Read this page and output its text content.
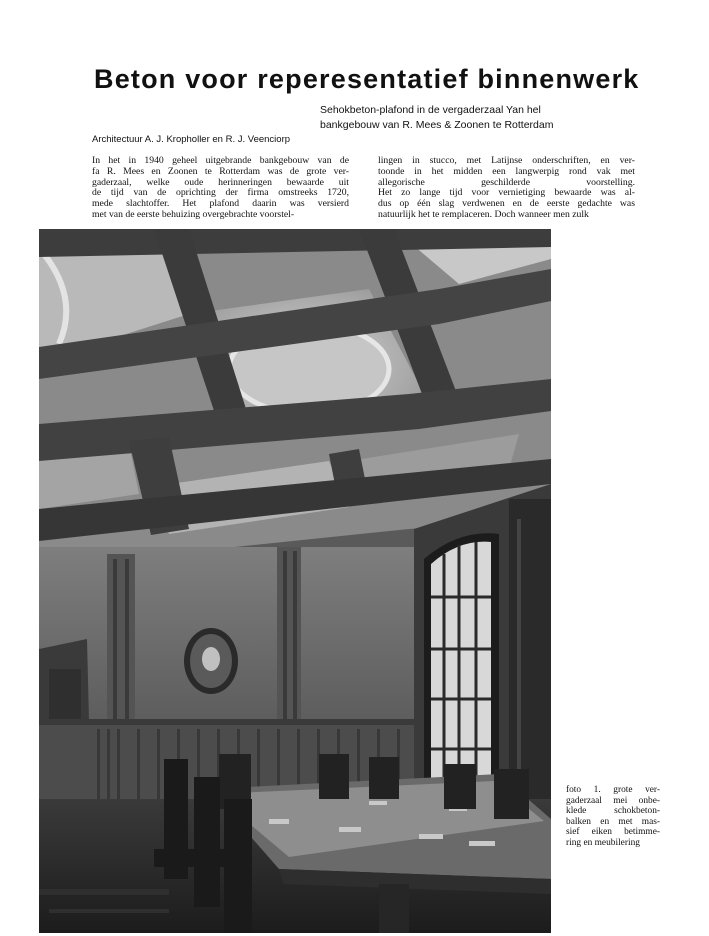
Beton voor reperesentatief binnenwerk
Sehokbeton-plafond in de vergaderzaal Yan hel
bankgebouw van R. Mees & Zoonen te Rotterdam
Architectuur A. J. Kropholler en R. J. Veenciorp
In het in 1940 geheel uitgebrande bankgebouw van de
fa R. Mees en Zoonen te Rotterdam was de grote ver-
gaderzaal, welke oude herinneringen bewaarde uit
de tijd van de oprichting der firma omstreeks 1720,
mede slachtoffer. Het plafond daarin was versierd
met van de eerste behuizing overgebrachte voorstel-
lingen in stucco, met Latijnse onderschriften, en ver-
toonde in het midden een langwerpig rond vak met
allegorische geschilderde voorstelling.
Het zo lange tijd voor vernietiging bewaarde was al-
dus op één slag verdwenen en de eerste gedachte was
natuurlijk het te remplaceren. Doch wanneer men zulk
foto 1. grote ver-
gaderzaal mei onbe-
klede schokbeton-
balken en met mas-
sief eiken betimme-
ring en meubilering
